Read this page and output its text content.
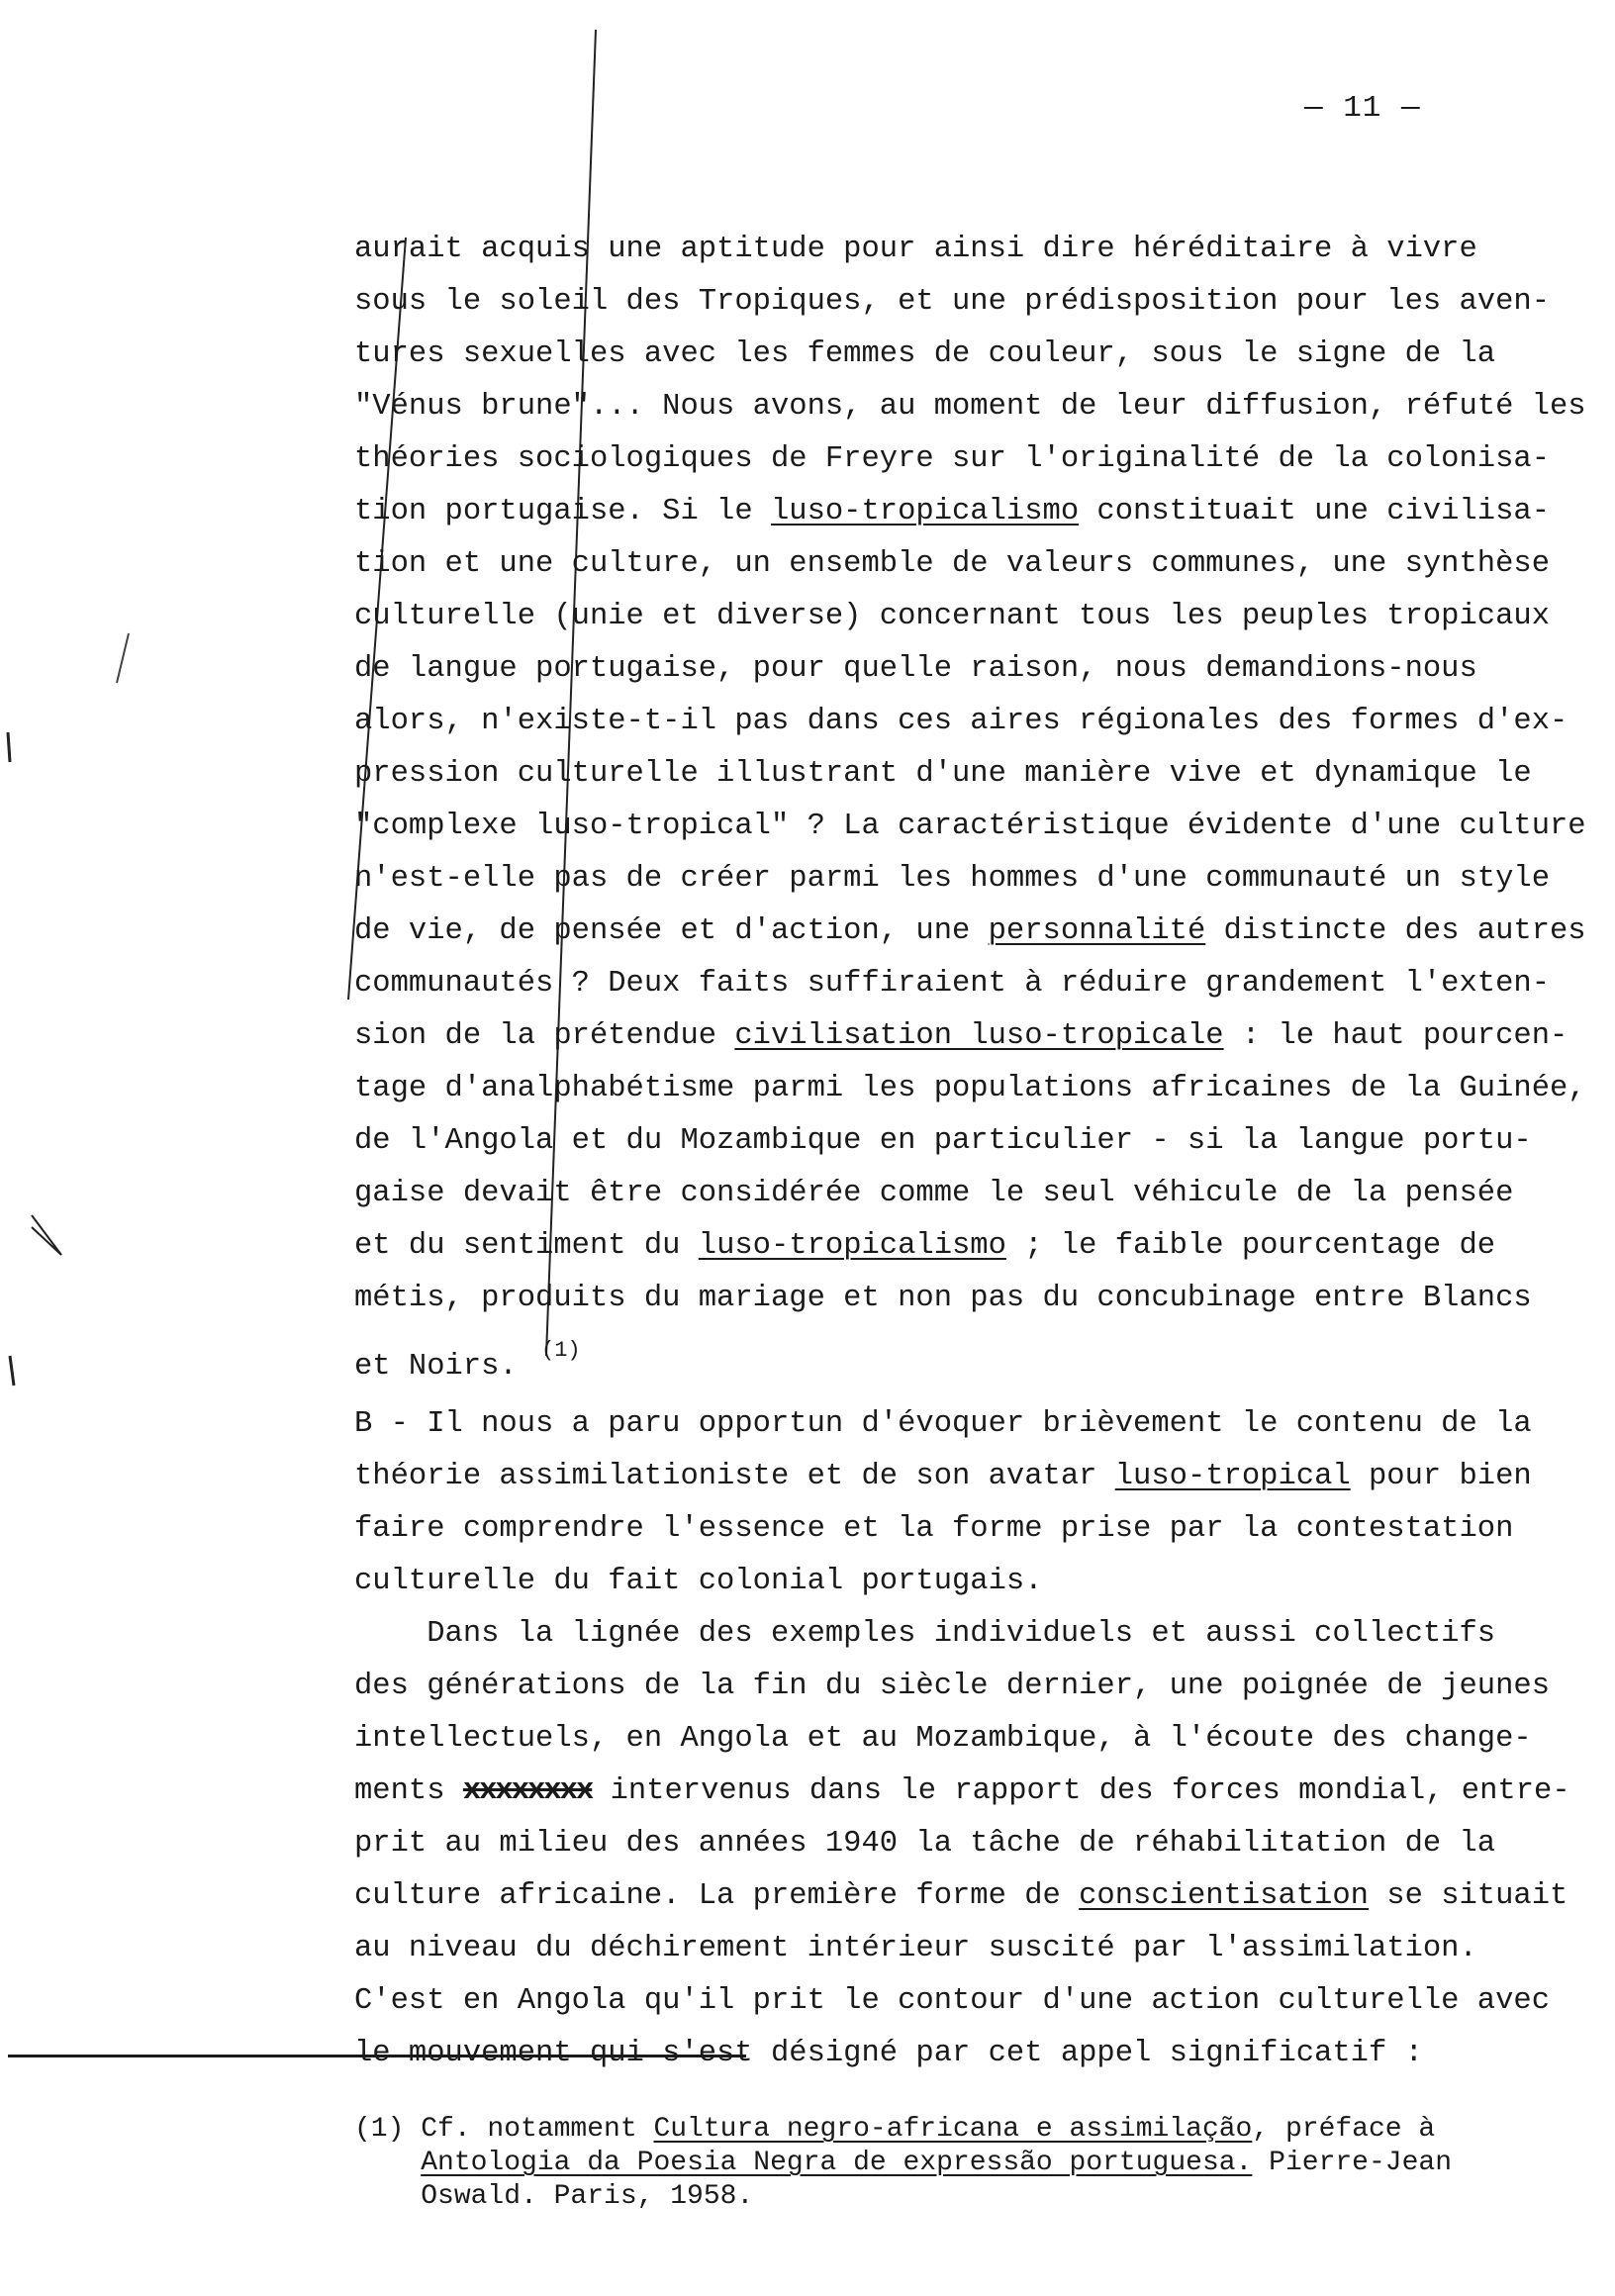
— 11 —
aurait acquis une aptitude pour ainsi dire héréditaire à vivre
sous le soleil des Tropiques, et une prédisposition pour les aven-
tures sexuelles avec les femmes de couleur, sous le signe de la
"Vénus brune"... Nous avons, au moment de leur diffusion, réfuté les
théories sociologiques de Freyre sur l'originalité de la colonisa-
tion portugaise. Si le luso-tropicalismo constituait une civilisa-
tion et une culture, un ensemble de valeurs communes, une synthèse
culturelle (unie et diverse) concernant tous les peuples tropicaux
de langue portugaise, pour quelle raison, nous demandions-nous
alors, n'existe-t-il pas dans ces aires régionales des formes d'ex-
pression culturelle illustrant d'une manière vive et dynamique le
"complexe luso-tropical" ? La caractéristique évidente d'une culture
n'est-elle pas de créer parmi les hommes d'une communauté un style
de vie, de pensée et d'action, une personnalité distincte des autres
communautés ? Deux faits suffiraient à réduire grandement l'exten-
sion de la prétendue civilisation luso-tropicale : le haut pourcen-
tage d'analphabétisme parmi les populations africaines de la Guinée,
de l'Angola et du Mozambique en particulier - si la langue portu-
gaise devait être considérée comme le seul véhicule de la pensée
et du sentiment du luso-tropicalismo ; le faible pourcentage de
métis, produits du mariage et non pas du concubinage entre Blancs
et Noirs. $^{(1)}$
B - Il nous a paru opportun d'évoquer brièvement le contenu de la
théorie assimilationiste et de son avatar luso-tropical pour bien
faire comprendre l'essence et la forme prise par la contestation
culturelle du fait colonial portugais.
Dans la lignée des exemples individuels et aussi collectifs
des générations de la fin du siècle dernier, une poignée de jeunes
intellectuels, en Angola et au Mozambique, à l'écoute des change-
ments xxxxxxxx intervenus dans le rapport des forces mondial, entre-
prit au milieu des années 1940 la tâche de réhabilitation de la
culture africaine. La première forme de conscientisation se situait
au niveau du déchirement intérieur suscité par l'assimilation.
C'est en Angola qu'il prit le contour d'une action culturelle avec
le mouvement qui s'est désigné par cet appel significatif :
(1) Cf. notamment Cultura negro-africana e assimilação, préface à
Antologia da Poesia Negra de expressão portuguesa. Pierre-Jean
Oswald. Paris, 1958.
